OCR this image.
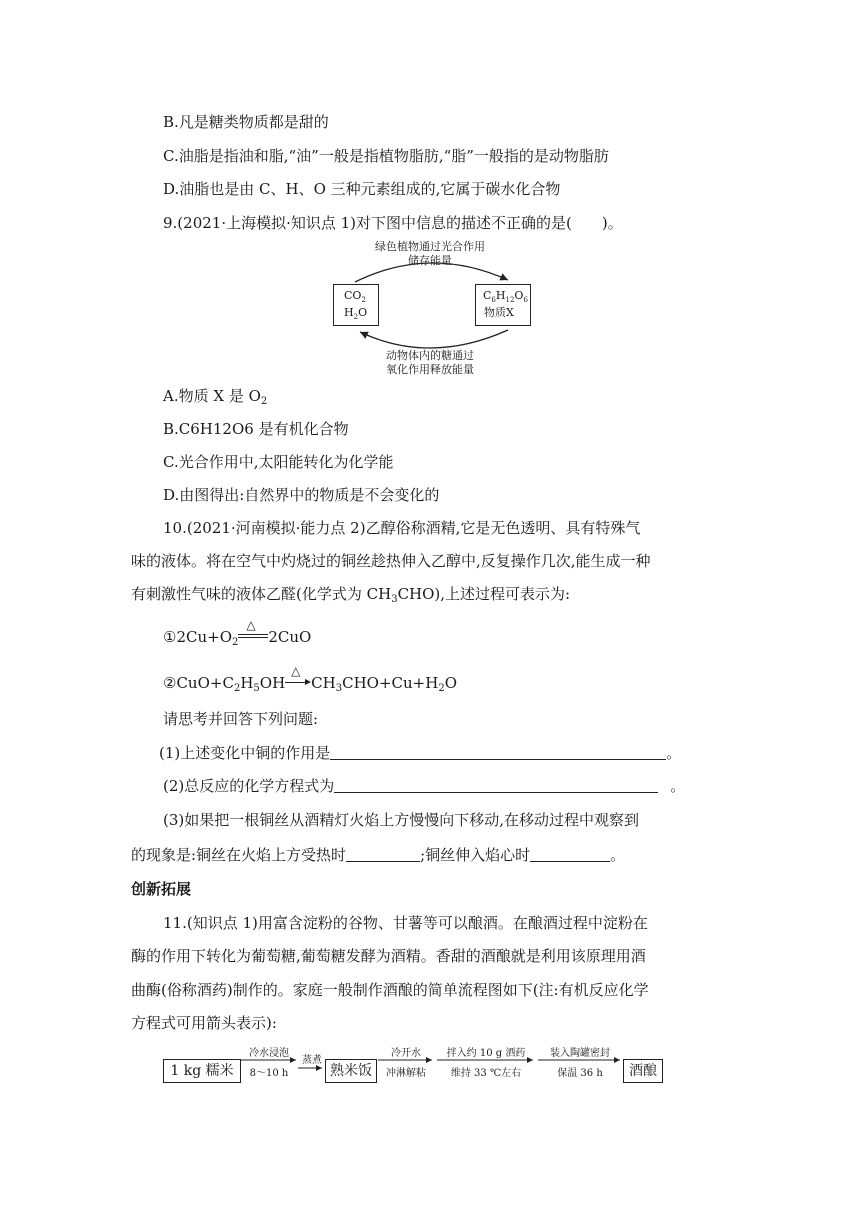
B.凡是糖类物质都是甜的
C.油脂是指油和脂,“油”一般是指植物脂肪,“脂”一般指的是动物脂肪
D.油脂也是由 C、H、O 三种元素组成的,它属于碳水化合物
9.(2021·上海模拟·知识点 1)对下图中信息的描述不正确的是(　　)。
绿色植物通过光合作用
储存能量
$CO_2$
$H_2O$
$C_6H_{12}O_6$
物质X
动物体内的糖通过
氧化作用释放能量
A.物质 X 是 $O_2$
B.C6H12O6 是有机化合物
C.光合作用中,太阳能转化为化学能
D.由图得出:自然界中的物质是不会变化的
10.(2021·河南模拟·能力点 2)乙醇俗称酒精,它是无色透明、具有特殊气
味的液体。将在空气中灼烧过的铜丝趁热伸入乙醇中,反复操作几次,能生成一种
有刺激性气味的液体乙醛(化学式为 $CH_3CHO$),上述过程可表示为:
$①2Cu+O_2$
△
2CuO
$②CuO+C_2H_5OH$
△
$CH_3CHO+Cu+H_2O$
请思考并回答下列问题:
(1)上述变化中铜的作用是	。
(2)总反应的化学方程式为	。
(3)如果把一根铜丝从酒精灯火焰上方慢慢向下移动,在移动过程中观察到
的现象是:铜丝在火焰上方受热时	;铜丝伸入焰心时	。
创新拓展
11.(知识点 1)用富含淀粉的谷物、甘薯等可以酿酒。在酿酒过程中淀粉在
酶的作用下转化为葡萄糖,葡萄糖发酵为酒精。香甜的酒酿就是利用该原理用酒
曲酶(俗称酒药)制作的。家庭一般制作酒酿的简单流程图如下(注:有机反应化学
方程式可用箭头表示):
1 kg 糯米
冷水浸泡
8～10 h
蒸煮
熟米饭
冷开水
冲淋解粘
拌入约 10 g 酒药
维持 33 ℃左右
装入陶罐密封
保温 36 h	酒酿
